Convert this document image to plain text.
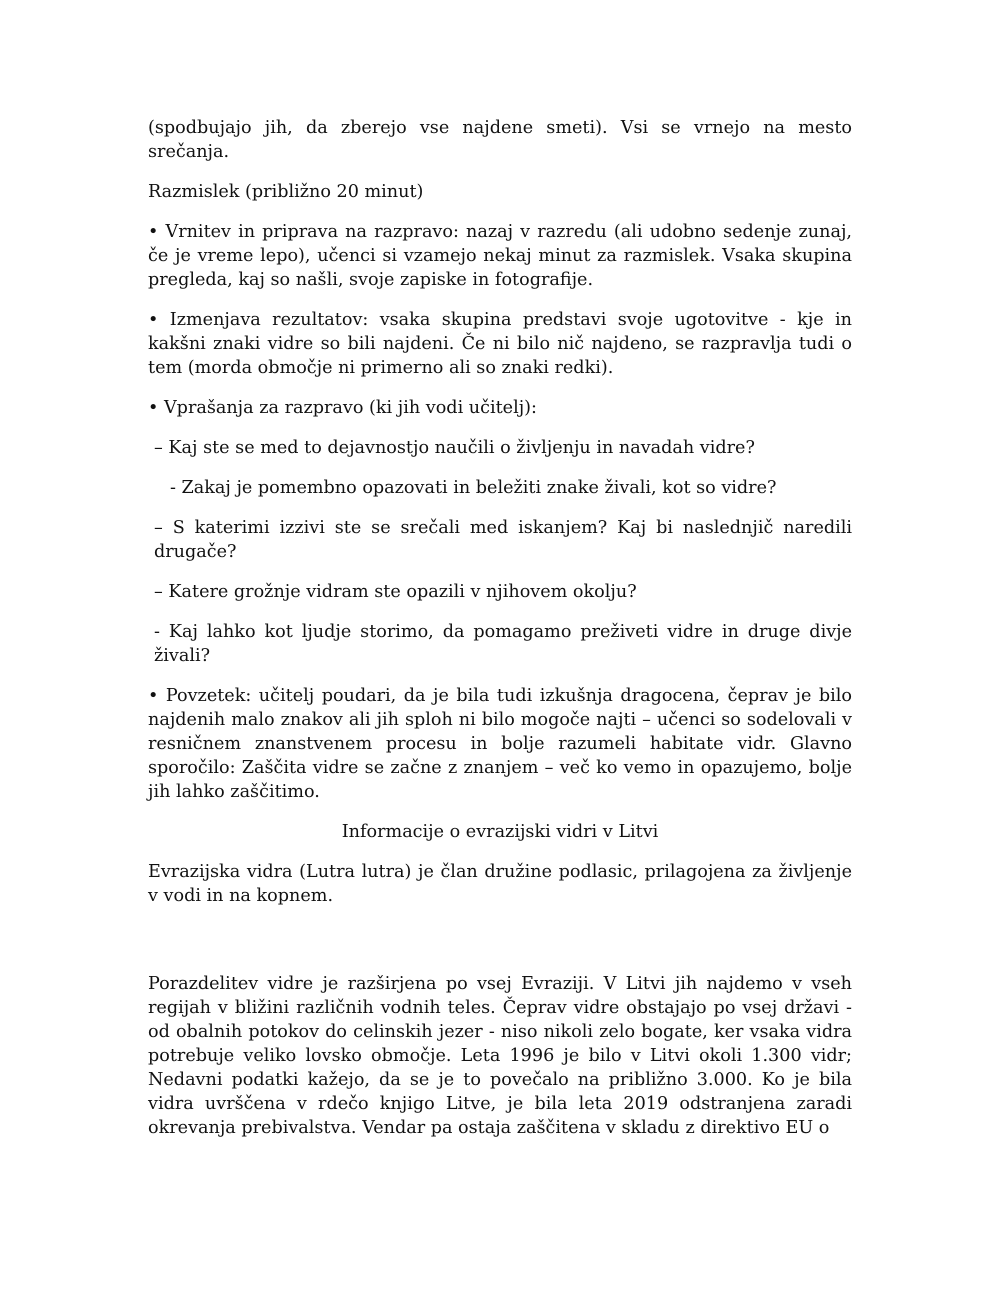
(spodbujajo jih, da zberejo vse najdene smeti). Vsi se vrnejo na mesto srečanja.

Razmislek (približno 20 minut)

• Vrnitev in priprava na razpravo: nazaj v razredu (ali udobno sedenje zunaj, če je vreme lepo), učenci si vzamejo nekaj minut za razmislek. Vsaka skupina pregleda, kaj so našli, svoje zapiske in fotografije.

• Izmenjava rezultatov: vsaka skupina predstavi svoje ugotovitve - kje in kakšni znaki vidre so bili najdeni. Če ni bilo nič najdeno, se razpravlja tudi o tem (morda območje ni primerno ali so znaki redki).

• Vprašanja za razpravo (ki jih vodi učitelj):

– Kaj ste se med to dejavnostjo naučili o življenju in navadah vidre?

- Zakaj je pomembno opazovati in beležiti znake živali, kot so vidre?

– S katerimi izzivi ste se srečali med iskanjem? Kaj bi naslednjič naredili drugače?

– Katere grožnje vidram ste opazili v njihovem okolju?

- Kaj lahko kot ljudje storimo, da pomagamo preživeti vidre in druge divje živali?

• Povzetek: učitelj poudari, da je bila tudi izkušnja dragocena, čeprav je bilo najdenih malo znakov ali jih sploh ni bilo mogoče najti – učenci so sodelovali v resničnem znanstvenem procesu in bolje razumeli habitate vidr. Glavno sporočilo: Zaščita vidre se začne z znanjem – več ko vemo in opazujemo, bolje jih lahko zaščitimo.

Informacije o evrazijski vidri v Litvi

Evrazijska vidra (Lutra lutra) je član družine podlasic, prilagojena za življenje v vodi in na kopnem.

Porazdelitev vidre je razširjena po vsej Evraziji. V Litvi jih najdemo v vseh regijah v bližini različnih vodnih teles. Čeprav vidre obstajajo po vsej državi - od obalnih potokov do celinskih jezer - niso nikoli zelo bogate, ker vsaka vidra potrebuje veliko lovsko območje. Leta 1996 je bilo v Litvi okoli 1.300 vidr; Nedavni podatki kažejo, da se je to povečalo na približno 3.000. Ko je bila vidra uvrščena v rdečo knjigo Litve, je bila leta 2019 odstranjena zaradi okrevanja prebivalstva. Vendar pa ostaja zaščitena v skladu z direktivo EU o
